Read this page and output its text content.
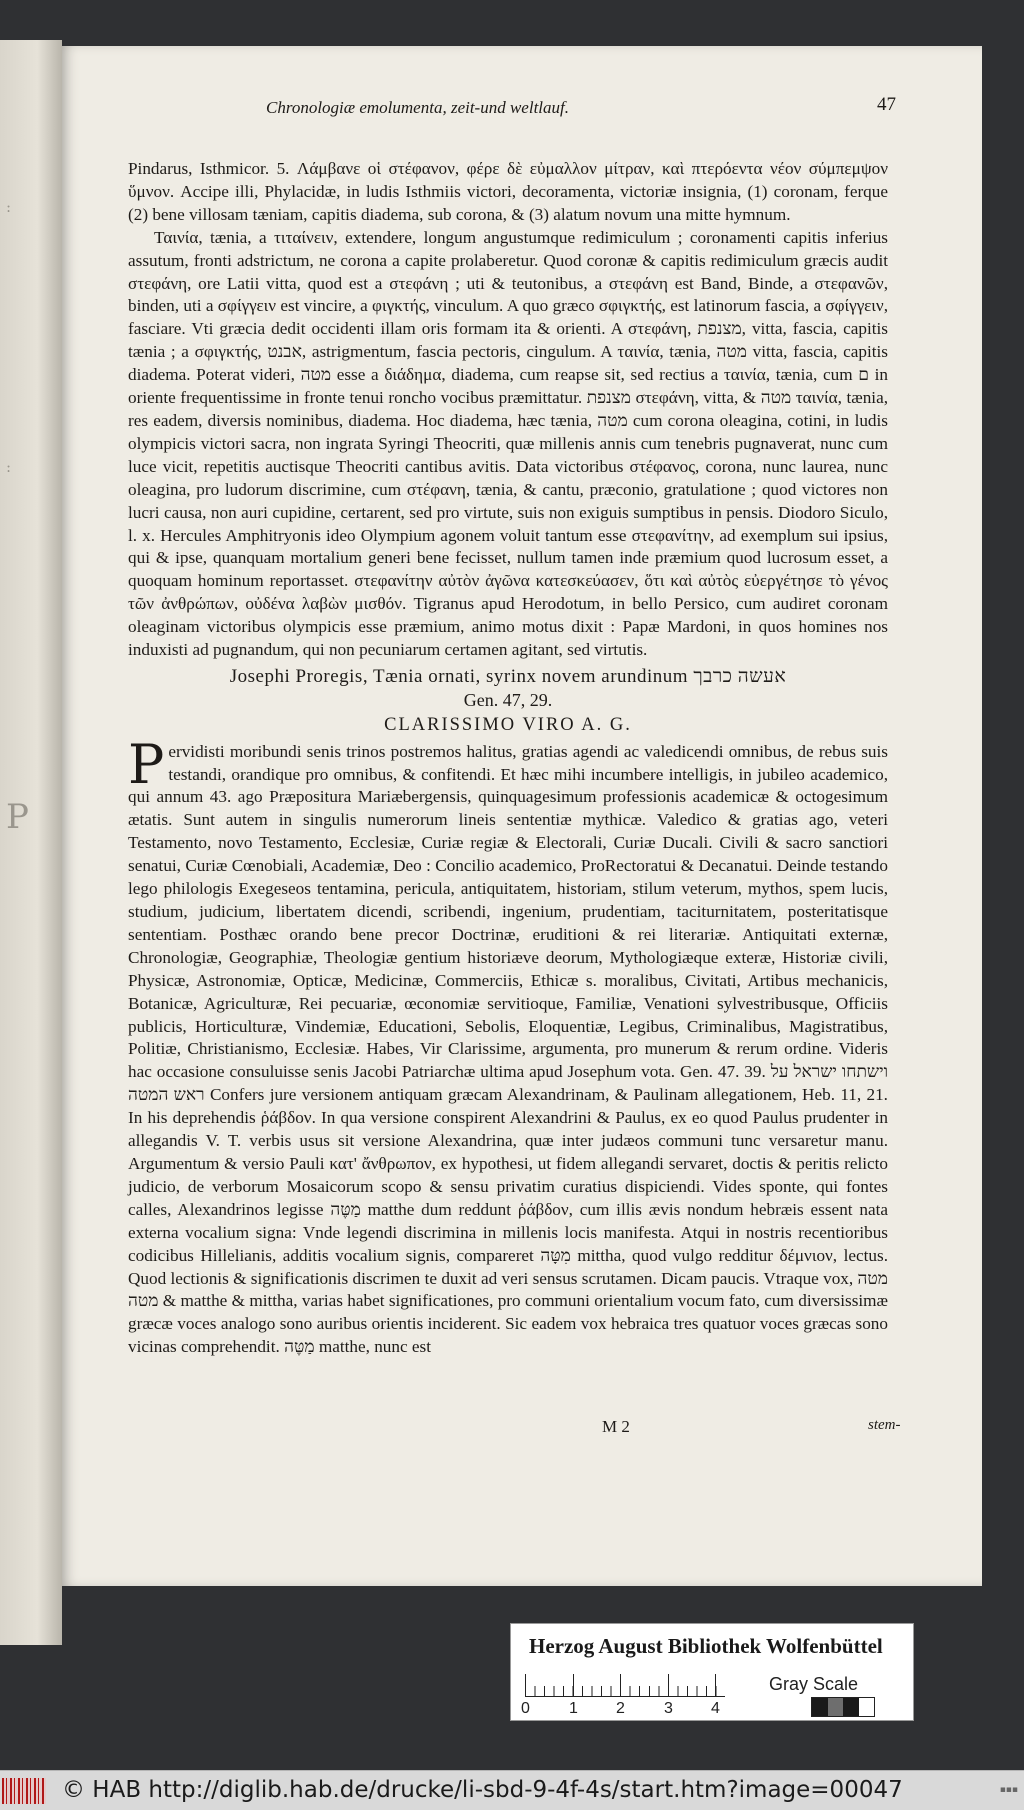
:
:
P
Chronologiæ emolumenta, zeit-und weltlauf.	47

Pindarus, Isthmicor. 5. Λάμβανε οἱ στέφανον, φέρε δὲ εὐμαλλον μίτραν, καὶ πτερόεντα νέον σύμπεμψον ὕμνον. Accipe illi, Phylacidæ, in ludis Isthmiis victori, decoramenta, victoriæ insignia, (1) coronam, ferque (2) bene villosam tæniam, capitis diadema, sub corona, & (3) alatum novum una mitte hymnum.

Ταινία, tænia, a τιταίνειν, extendere, longum angustumque redimiculum ; coronamenti capitis inferius assutum, fronti adstrictum, ne corona a capite prolaberetur. Quod coronæ & capitis redimiculum græcis audit στεφάνη, ore Latii vitta, quod est a στεφάνη ; uti & teutonibus, a στεφάνη est Band, Binde, a στεφανῶν, binden, uti a σφίγγειν est vincire, a φιγκτής, vinculum. A quo græco σφιγκτής, est latinorum fascia, a σφίγγειν, fasciare. Vti græcia dedit occidenti illam oris formam ita & orienti. A στεφάνη, מצנפת, vitta, fascia, capitis tænia ; a σφιγκτής, אבנט, astrigmentum, fascia pectoris, cingulum. A ταινία, tænia, מטה vitta, fascia, capitis diadema. Poterat videri, מטה esse a διάδημα, diadema, cum reapse sit, sed rectius a ταινία, tænia, cum ם in oriente frequentissime in fronte tenui roncho vocibus præmittatur. מצנפת στεφάνη, vitta, & מטה ταινία, tænia, res eadem, diversis nominibus, diadema. Hoc diadema, hæc tænia, מטה cum corona oleagina, cotini, in ludis olympicis victori sacra, non ingrata Syringi Theocriti, quæ millenis annis cum tenebris pugnaverat, nunc cum luce vicit, repetitis auctisque Theocriti cantibus avitis. Data victoribus στέφανος, corona, nunc laurea, nunc oleagina, pro ludorum discrimine, cum στέφανη, tænia, & cantu, præconio, gratulatione ; quod victores non lucri causa, non auri cupidine, certarent, sed pro virtute, suis non exiguis sumptibus in pensis. Diodoro Siculo, l. x. Hercules Amphitryonis ideo Olympium agonem voluit tantum esse στεφανίτην, ad exemplum sui ipsius, qui & ipse, quanquam mortalium generi bene fecisset, nullum tamen inde præmium quod lucrosum esset, a quoquam hominum reportasset. στεφανίτην αὐτὸν ἀγῶνα κατεσκεύασεν, ὅτι καὶ αὐτὸς εὐεργέτησε τὸ γένος τῶν ἀνθρώπων, οὐδένα λαβὼν μισθόν. Tigranus apud Herodotum, in bello Persico, cum audiret coronam oleaginam victoribus olympicis esse præmium, animo motus dixit : Papæ Mardoni, in quos homines nos induxisti ad pugnandum, qui non pecuniarum certamen agitant, sed virtutis.

Josephi Proregis, Tænia ornati, syrinx novem arundinum אעשה כרבך

Gen. 47, 29.

CLARISSIMO VIRO A. G.

Pervidisti moribundi senis trinos postremos halitus, gratias agendi ac valedicendi omnibus, de rebus suis testandi, orandique pro omnibus, & confitendi. Et hæc mihi incumbere intelligis, in jubileo academico, qui annum 43. ago Præpositura Mariæbergensis, quinquagesimum professionis academicæ & octogesimum ætatis. Sunt autem in singulis numerorum lineis sententiæ mythicæ. Valedico & gratias ago, veteri Testamento, novo Testamento, Ecclesiæ, Curiæ regiæ & Electorali, Curiæ Ducali. Civili & sacro sanctiori senatui, Curiæ Cœnobiali, Academiæ, Deo : Concilio academico, ProRectoratui & Decanatui. Deinde testando lego philologis Exegeseos tentamina, pericula, antiquitatem, historiam, stilum veterum, mythos, spem lucis, studium, judicium, libertatem dicendi, scribendi, ingenium, prudentiam, taciturnitatem, posteritatisque sententiam. Posthæc orando bene precor Doctrinæ, eruditioni & rei literariæ. Antiquitati externæ, Chronologiæ, Geographiæ, Theologiæ gentium historiæve deorum, Mythologiæque exteræ, Historiæ civili, Physicæ, Astronomiæ, Opticæ, Medicinæ, Commerciis, Ethicæ s. moralibus, Civitati, Artibus mechanicis, Botanicæ, Agriculturæ, Rei pecuariæ, œconomiæ servitioque, Familiæ, Venationi sylvestribusque, Officiis publicis, Horticulturæ, Vindemiæ, Educationi, Sebolis, Eloquentiæ, Legibus, Criminalibus, Magistratibus, Politiæ, Christianismo, Ecclesiæ. Habes, Vir Clarissime, argumenta, pro munerum & rerum ordine. Videris hac occasione consuluisse senis Jacobi Patriarchæ ultima apud Josephum vota. Gen. 47. 39. וישתחו ישראל על ראש המטה Confers jure versionem antiquam græcam Alexandrinam, & Paulinam allegationem, Heb. 11, 21. In his deprehendis ῥάβδον. In qua versione conspirent Alexandrini & Paulus, ex eo quod Paulus prudenter in allegandis V. T. verbis usus sit versione Alexandrina, quæ inter judæos communi tunc versaretur manu. Argumentum & versio Pauli κατ' ἄνθρωπον, ex hypothesi, ut fidem allegandi servaret, doctis & peritis relicto judicio, de verborum Mosaicorum scopo & sensu privatim curatius dispiciendi. Vides sponte, qui fontes calles, Alexandrinos legisse מַטֶּה matthe dum reddunt ῥάβδον, cum illis ævis nondum hebræis essent nata externa vocalium signa: Vnde legendi discrimina in millenis locis manifesta. Atqui in nostris recentioribus codicibus Hillelianis, additis vocalium signis, compareret מִטָּה mittha, quod vulgo redditur δέμνιον, lectus. Quod lectionis & significationis discrimen te duxit ad veri sensus scrutamen. Dicam paucis. Vtraque vox, מטה & מטה matthe & mittha, varias habet significationes, pro communi orientalium vocum fato, cum diversissimæ græcæ voces analogo sono auribus orientis inciderent. Sic eadem vox hebraica tres quatuor voces græcas sono vicinas comprehendit. מַטֶּה matthe, nunc est

M 2	stem-
Herzog August Bibliothek Wolfenbüttel
0 1 2 3 4
Gray Scale
© HAB http://diglib.hab.de/drucke/li-sbd-9-4f-4s/start.htm?image=00047	▪▪▪
